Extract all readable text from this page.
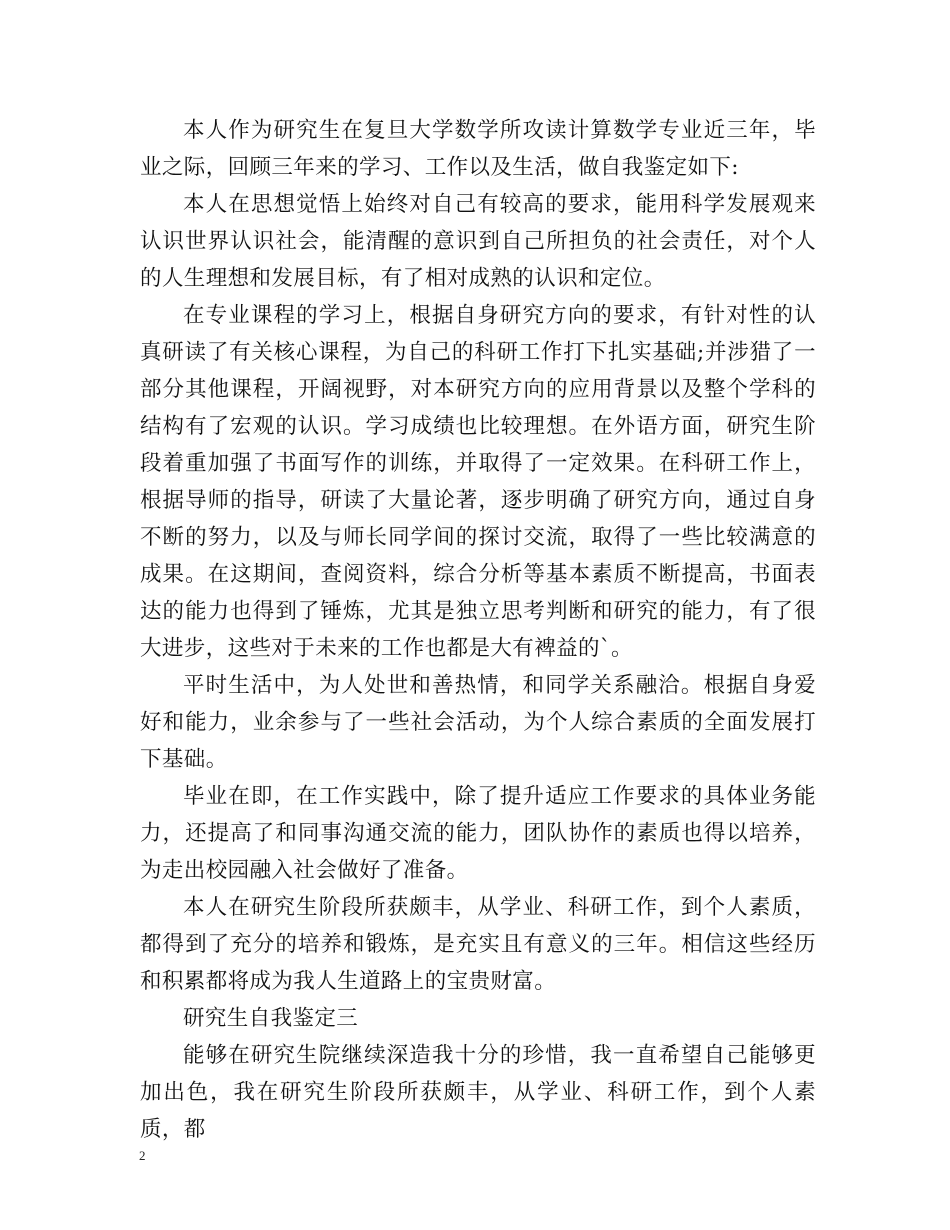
本人作为研究生在复旦大学数学所攻读计算数学专业近三年，毕业之际，回顾三年来的学习、工作以及生活，做自我鉴定如下:

本人在思想觉悟上始终对自己有较高的要求，能用科学发展观来认识世界认识社会，能清醒的意识到自己所担负的社会责任，对个人的人生理想和发展目标，有了相对成熟的认识和定位。

在专业课程的学习上，根据自身研究方向的要求，有针对性的认真研读了有关核心课程，为自己的科研工作打下扎实基础;并涉猎了一部分其他课程，开阔视野，对本研究方向的应用背景以及整个学科的结构有了宏观的认识。学习成绩也比较理想。在外语方面，研究生阶段着重加强了书面写作的训练，并取得了一定效果。在科研工作上，根据导师的指导，研读了大量论著，逐步明确了研究方向，通过自身不断的努力，以及与师长同学间的探讨交流，取得了一些比较满意的成果。在这期间，查阅资料，综合分析等基本素质不断提高，书面表达的能力也得到了锤炼，尤其是独立思考判断和研究的能力，有了很大进步，这些对于未来的工作也都是大有裨益的`。

平时生活中，为人处世和善热情，和同学关系融洽。根据自身爱好和能力，业余参与了一些社会活动，为个人综合素质的全面发展打下基础。

毕业在即，在工作实践中，除了提升适应工作要求的具体业务能力，还提高了和同事沟通交流的能力，团队协作的素质也得以培养，为走出校园融入社会做好了准备。

本人在研究生阶段所获颇丰，从学业、科研工作，到个人素质，都得到了充分的培养和锻炼，是充实且有意义的三年。相信这些经历和积累都将成为我人生道路上的宝贵财富。

研究生自我鉴定三

能够在研究生院继续深造我十分的珍惜，我一直希望自己能够更加出色，我在研究生阶段所获颇丰，从学业、科研工作，到个人素质，都

2
